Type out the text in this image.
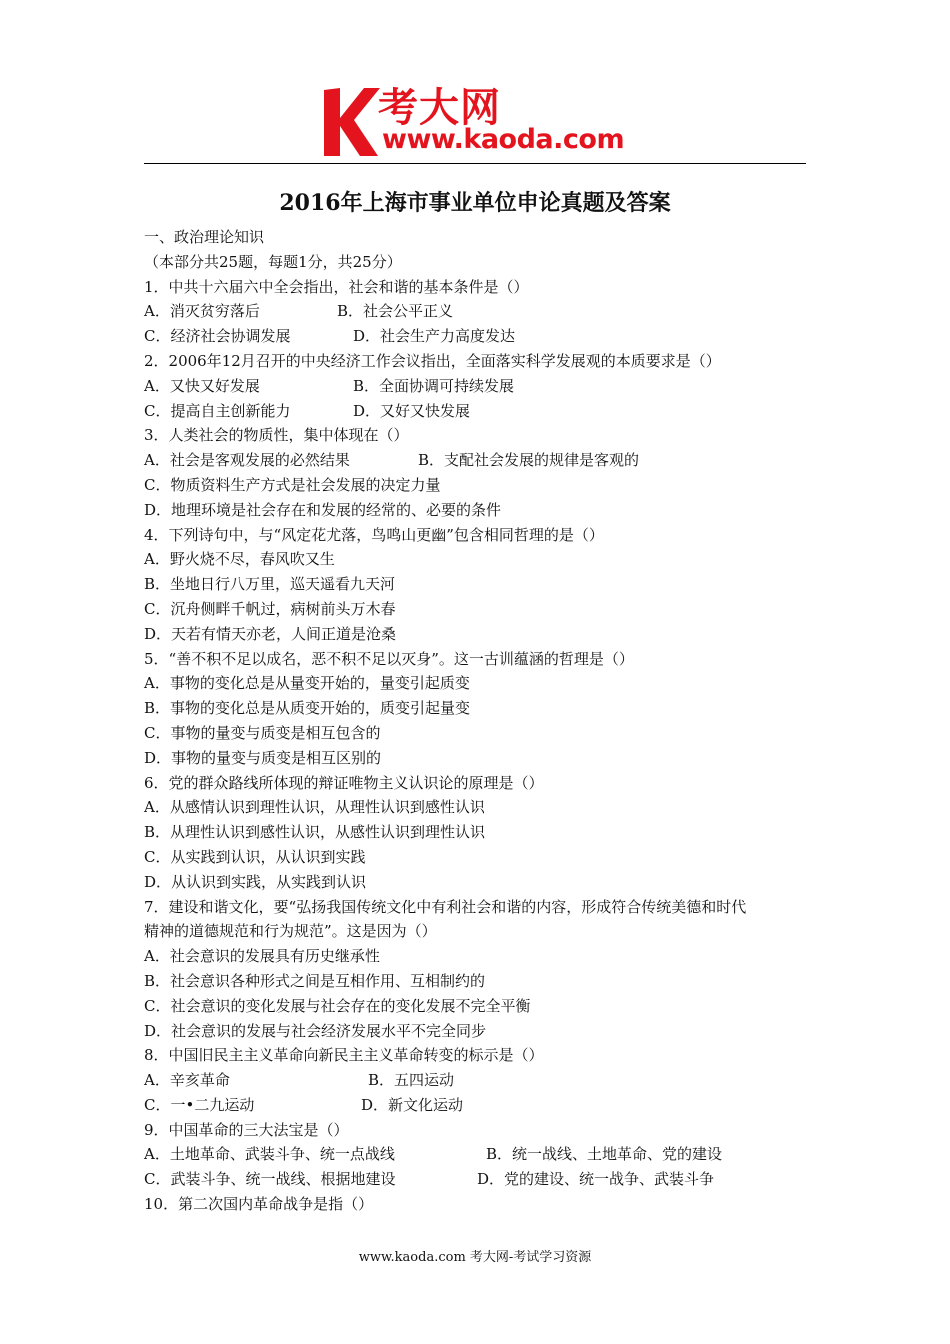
考大网
www.kaoda.com
2016年上海市事业单位申论真题及答案
一、政治理论知识
（本部分共25题，每题1分，共25分）
1．中共十六届六中全会指出，社会和谐的基本条件是（）
A．消灭贫穷落后	B．社会公平正义
C．经济社会协调发展	D．社会生产力高度发达
2．2006年12月召开的中央经济工作会议指出，全面落实科学发展观的本质要求是（）
A．又快又好发展	B．全面协调可持续发展
C．提高自主创新能力	D．又好又快发展
3．人类社会的物质性，集中体现在（）
A．社会是客观发展的必然结果	B．支配社会发展的规律是客观的
C．物质资料生产方式是社会发展的决定力量
D．地理环境是社会存在和发展的经常的、必要的条件
4．下列诗句中，与“风定花尤落，鸟鸣山更幽”包含相同哲理的是（）
A．野火烧不尽，春风吹又生
B．坐地日行八万里，巡天遥看九天河
C．沉舟侧畔千帆过，病树前头万木春
D．天若有情天亦老，人间正道是沧桑
5．“善不积不足以成名，恶不积不足以灭身”。这一古训蕴涵的哲理是（）
A．事物的变化总是从量变开始的，量变引起质变
B．事物的变化总是从质变开始的，质变引起量变
C．事物的量变与质变是相互包含的
D．事物的量变与质变是相互区别的
6．党的群众路线所体现的辩证唯物主义认识论的原理是（）
A．从感情认识到理性认识，从理性认识到感性认识
B．从理性认识到感性认识，从感性认识到理性认识
C．从实践到认识，从认识到实践
D．从认识到实践，从实践到认识
7．建设和谐文化，要“弘扬我国传统文化中有利社会和谐的内容，形成符合传统美德和时代
精神的道德规范和行为规范”。这是因为（）
A．社会意识的发展具有历史继承性
B．社会意识各种形式之间是互相作用、互相制约的
C．社会意识的变化发展与社会存在的变化发展不完全平衡
D．社会意识的发展与社会经济发展水平不完全同步
8．中国旧民主主义革命向新民主主义革命转变的标示是（）
A．辛亥革命	B．五四运动
C．一•二九运动	D．新文化运动
9．中国革命的三大法宝是（）
A．土地革命、武装斗争、统一点战线	B．统一战线、土地革命、党的建设
C．武装斗争、统一战线、根据地建设	D．党的建设、统一战争、武装斗争
10．第二次国内革命战争是指（）
www.kaoda.com 考大网-考试学习资源
